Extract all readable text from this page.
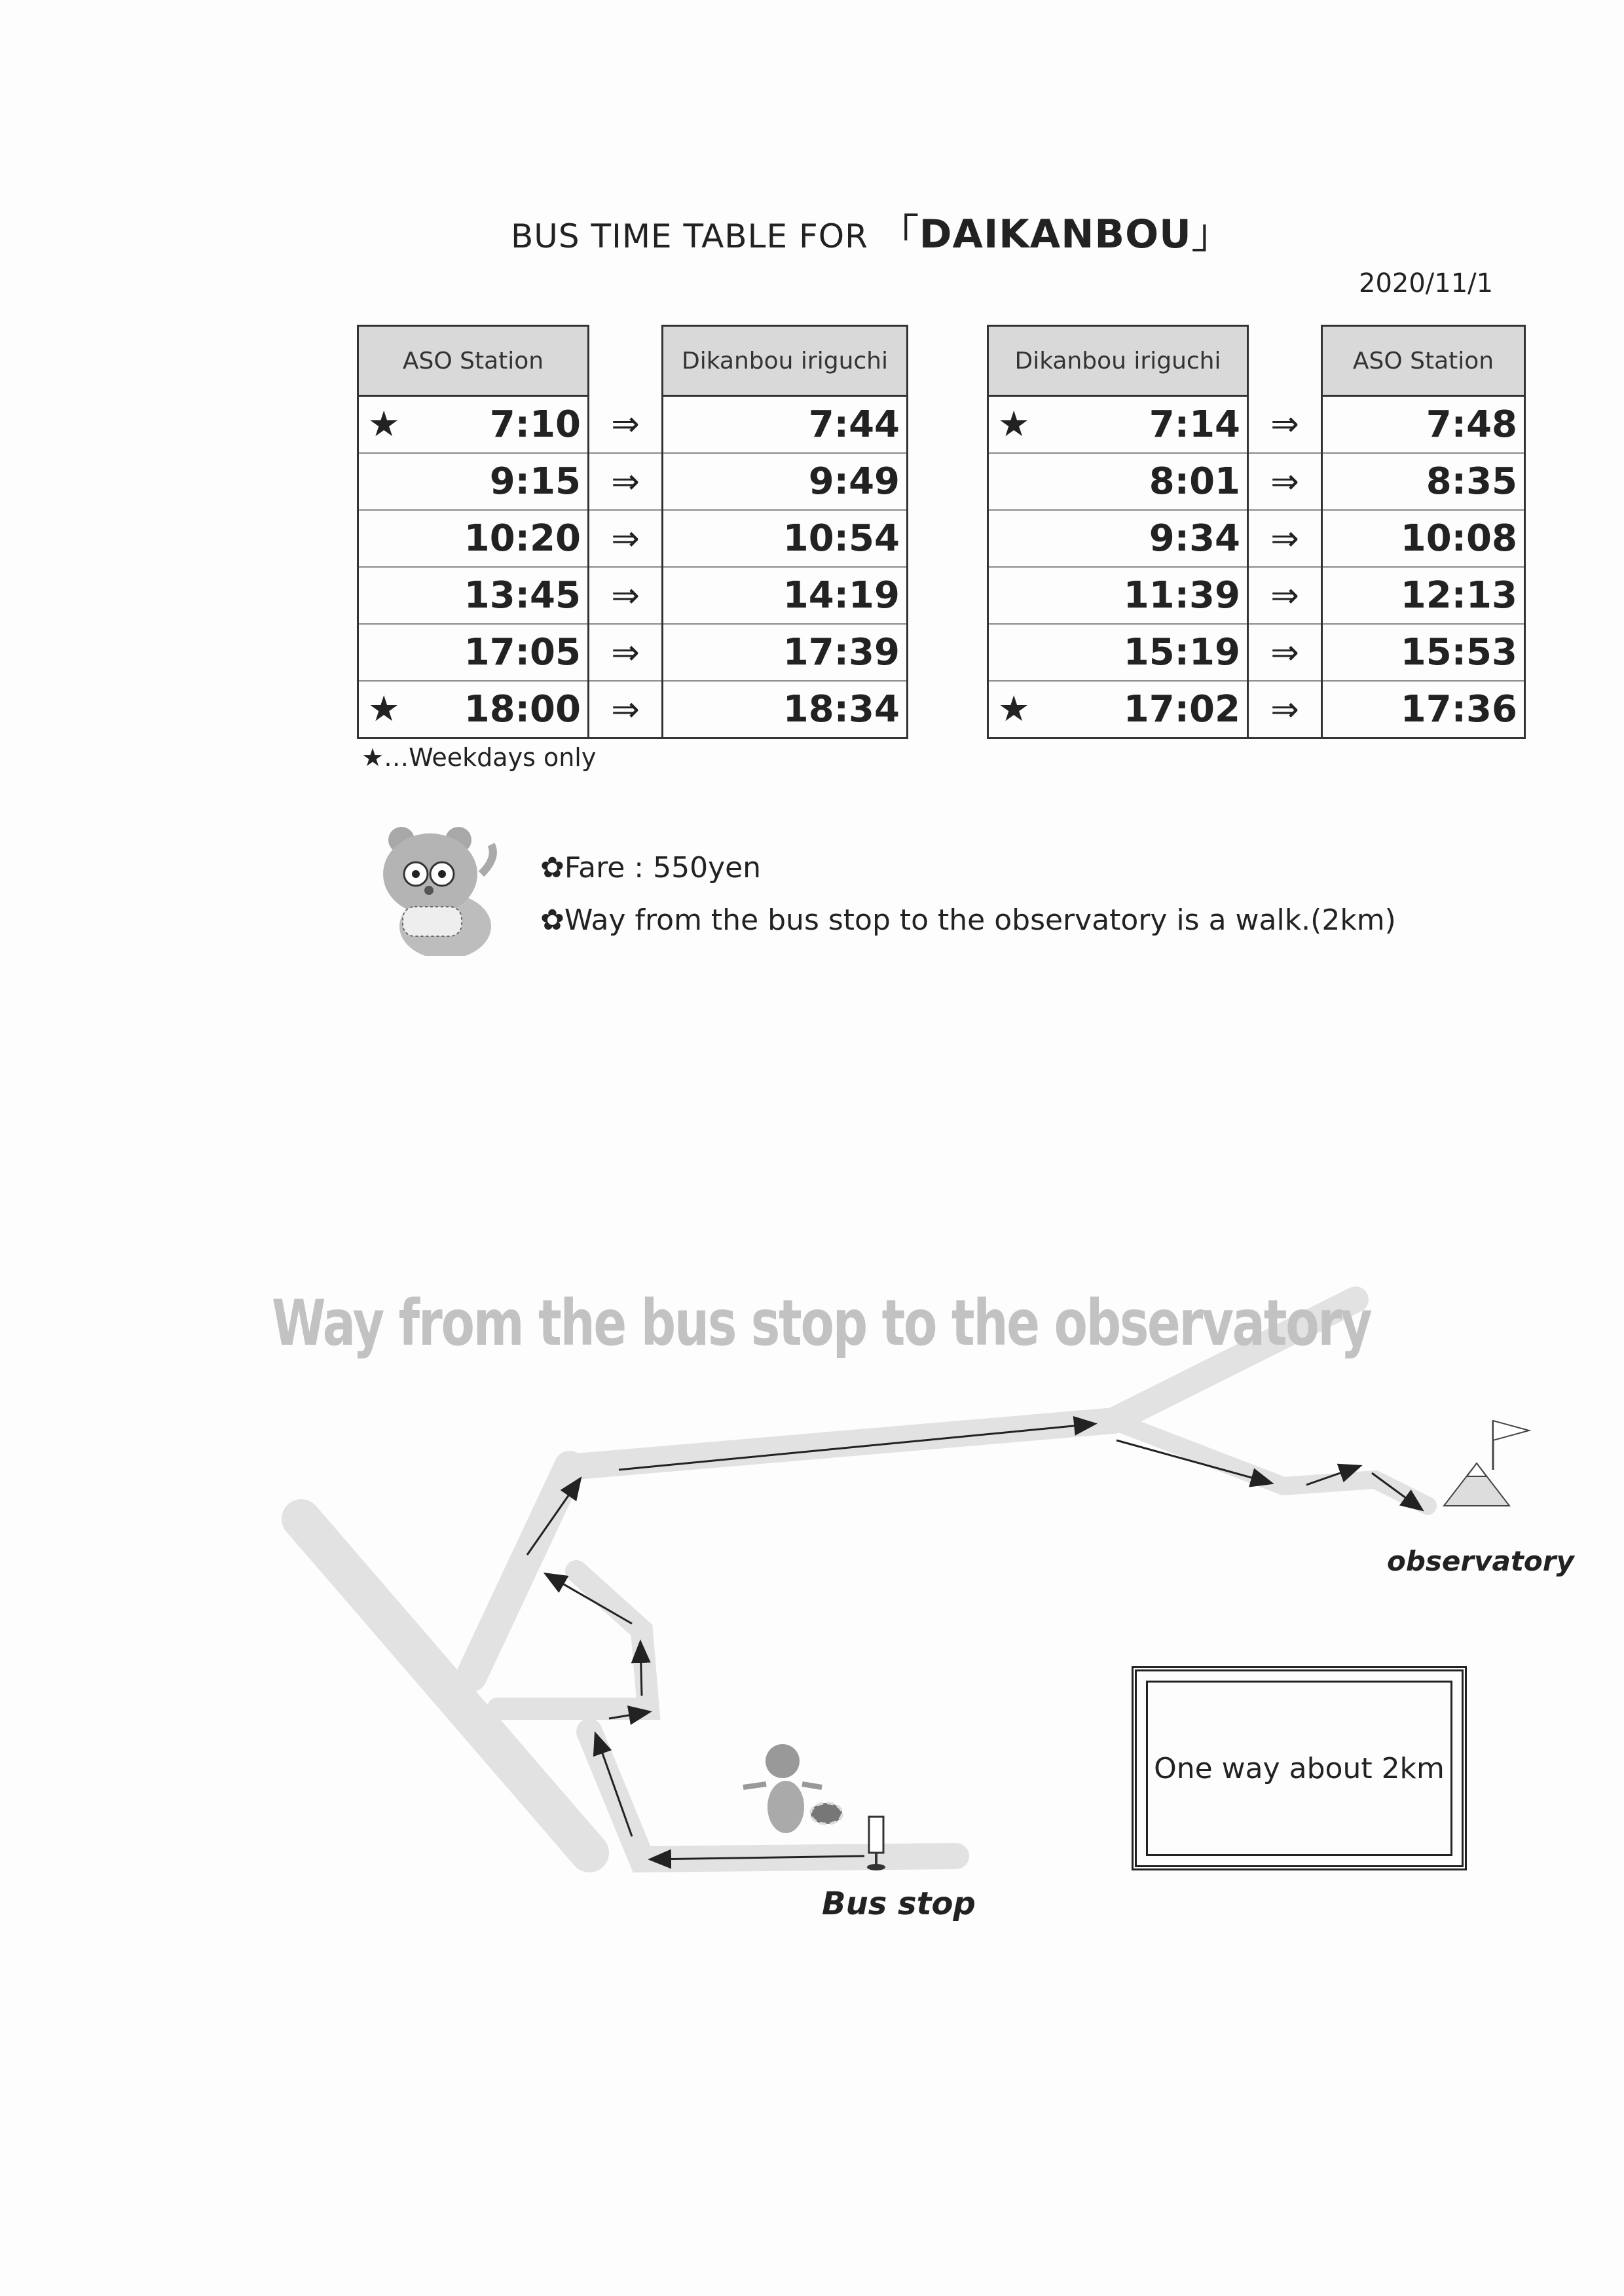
BUS TIME TABLE FOR 「DAIKANBOU」
2020/11/1
ASO Station		Dikanbou iriguchi

★ 7:10	⇒	7:44

9:15	⇒	9:49

10:20	⇒	10:54

13:45	⇒	14:19

17:05	⇒	17:39

★ 18:00	⇒	18:34
Dikanbou iriguchi		ASO Station

★ 7:14	⇒	7:48

8:01	⇒	8:35

9:34	⇒	10:08

11:39	⇒	12:13

15:19	⇒	15:53

★ 17:02	⇒	17:36
★…Weekdays only
✿Fare : 550yen
✿Way from the bus stop to the observatory is a walk.(2km)
Way from the bus stop to the observatory
observatory
Bus stop
One way about 2km
